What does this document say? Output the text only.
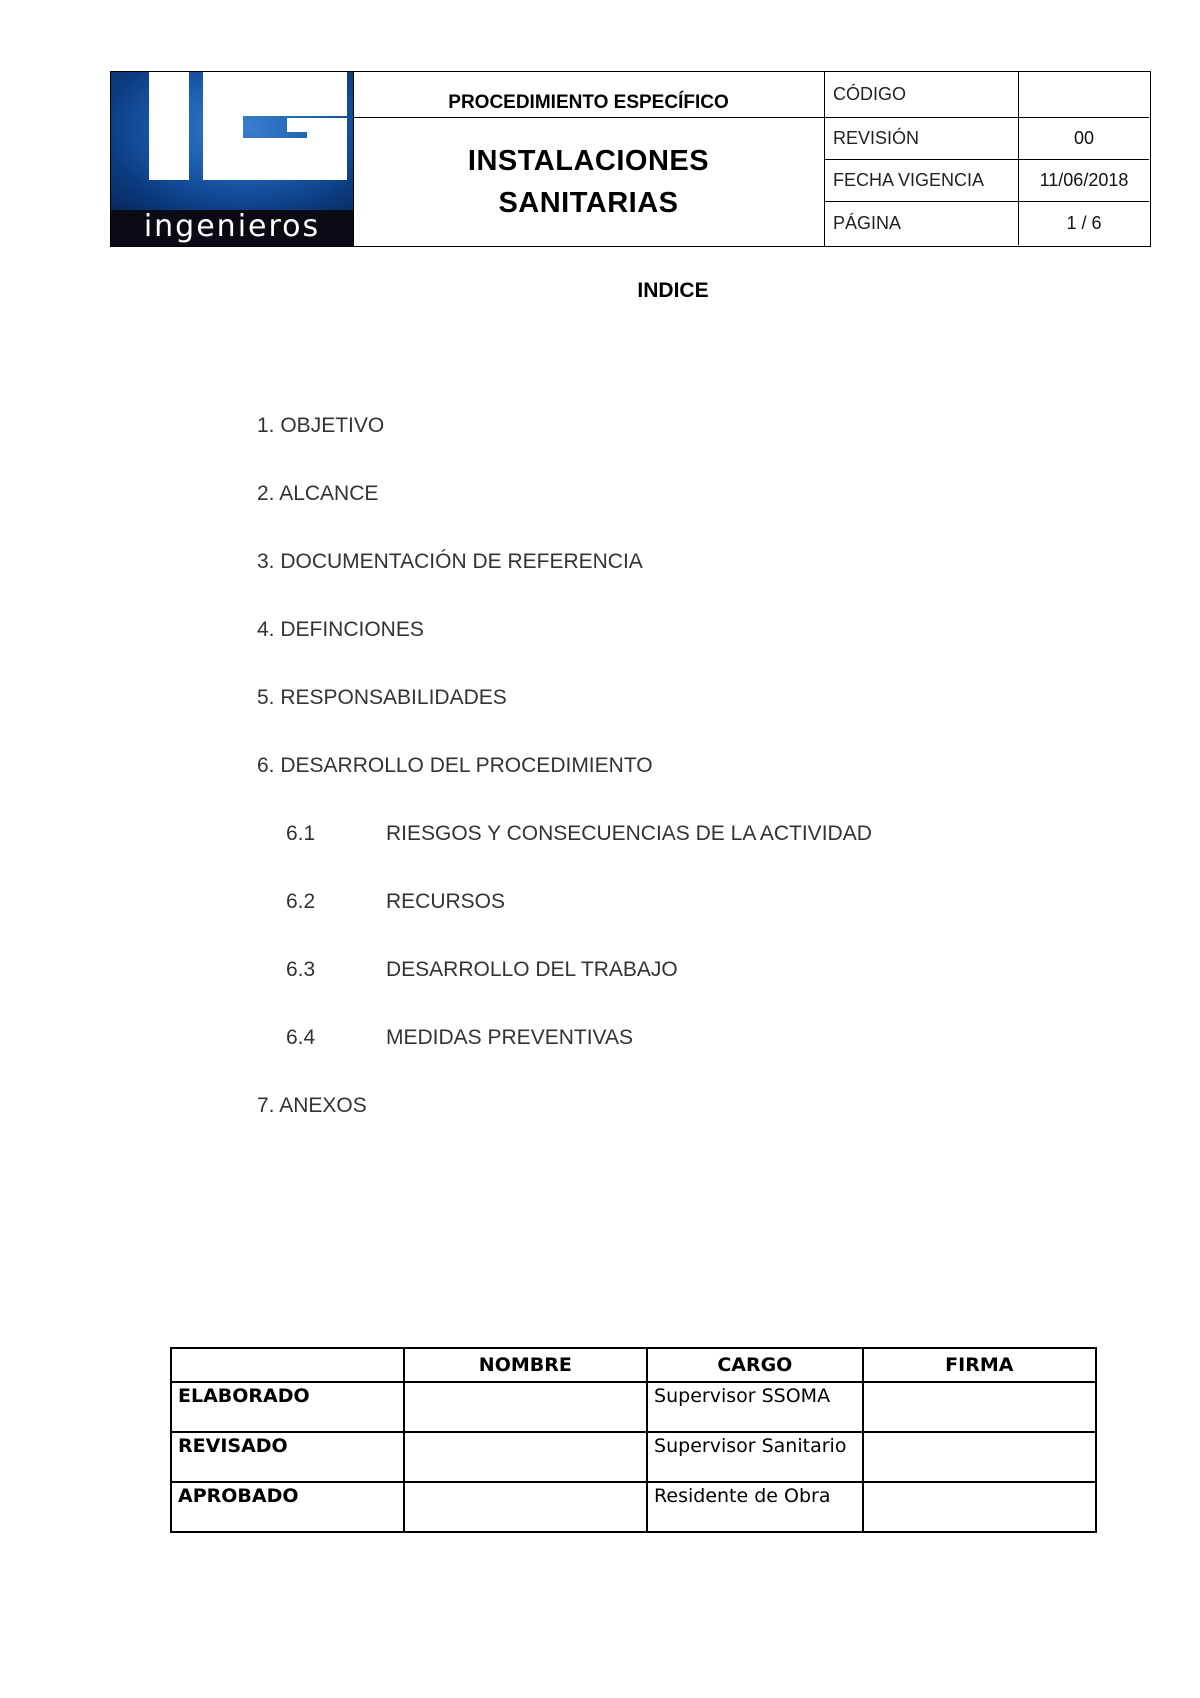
ingenieros
PROCEDIMIENTO ESPECÍFICO
INSTALACIONES
SANITARIAS
CÓDIGO
REVISIÓN	00
FECHA VIGENCIA	11/06/2018
PÁGINA	1 / 6
INDICE
1. OBJETIVO
2. ALCANCE
3. DOCUMENTACIÓN DE REFERENCIA
4. DEFINCIONES
5. RESPONSABILIDADES
6. DESARROLLO DEL PROCEDIMIENTO
6.1	RIESGOS Y CONSECUENCIAS DE LA ACTIVIDAD
6.2	RECURSOS
6.3	DESARROLLO DEL TRABAJO
6.4	MEDIDAS PREVENTIVAS
7. ANEXOS
	NOMBRE	CARGO	FIRMA
ELABORADO		Supervisor SSOMA	
REVISADO		Supervisor Sanitario	
APROBADO		Residente de Obra	
